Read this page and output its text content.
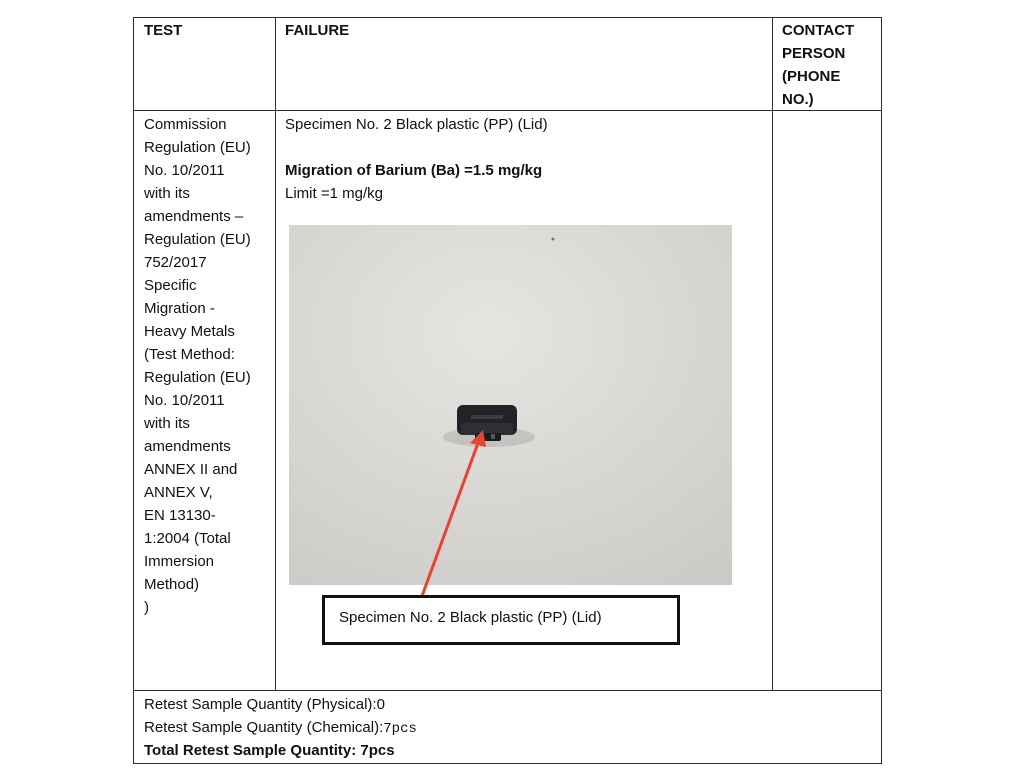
TEST	FAILURE	CONTACT
PERSON
(PHONE
NO.)
Commission
Regulation (EU)
No. 10/2011
with its
amendments –
Regulation (EU)
752/2017
Specific
Migration -
Heavy Metals
(Test Method:
Regulation (EU)
No. 10/2011
with its
amendments
ANNEX II and
ANNEX V,
EN 13130-
1:2004 (Total
Immersion
Method)
)
Specimen No. 2 Black plastic (PP) (Lid)
Migration of Barium (Ba) =1.5 mg/kg
Limit =1 mg/kg
Specimen No. 2 Black plastic (PP) (Lid)
Retest Sample Quantity (Physical):0
Retest Sample Quantity (Chemical):7pcs
Total Retest Sample Quantity: 7pcs
